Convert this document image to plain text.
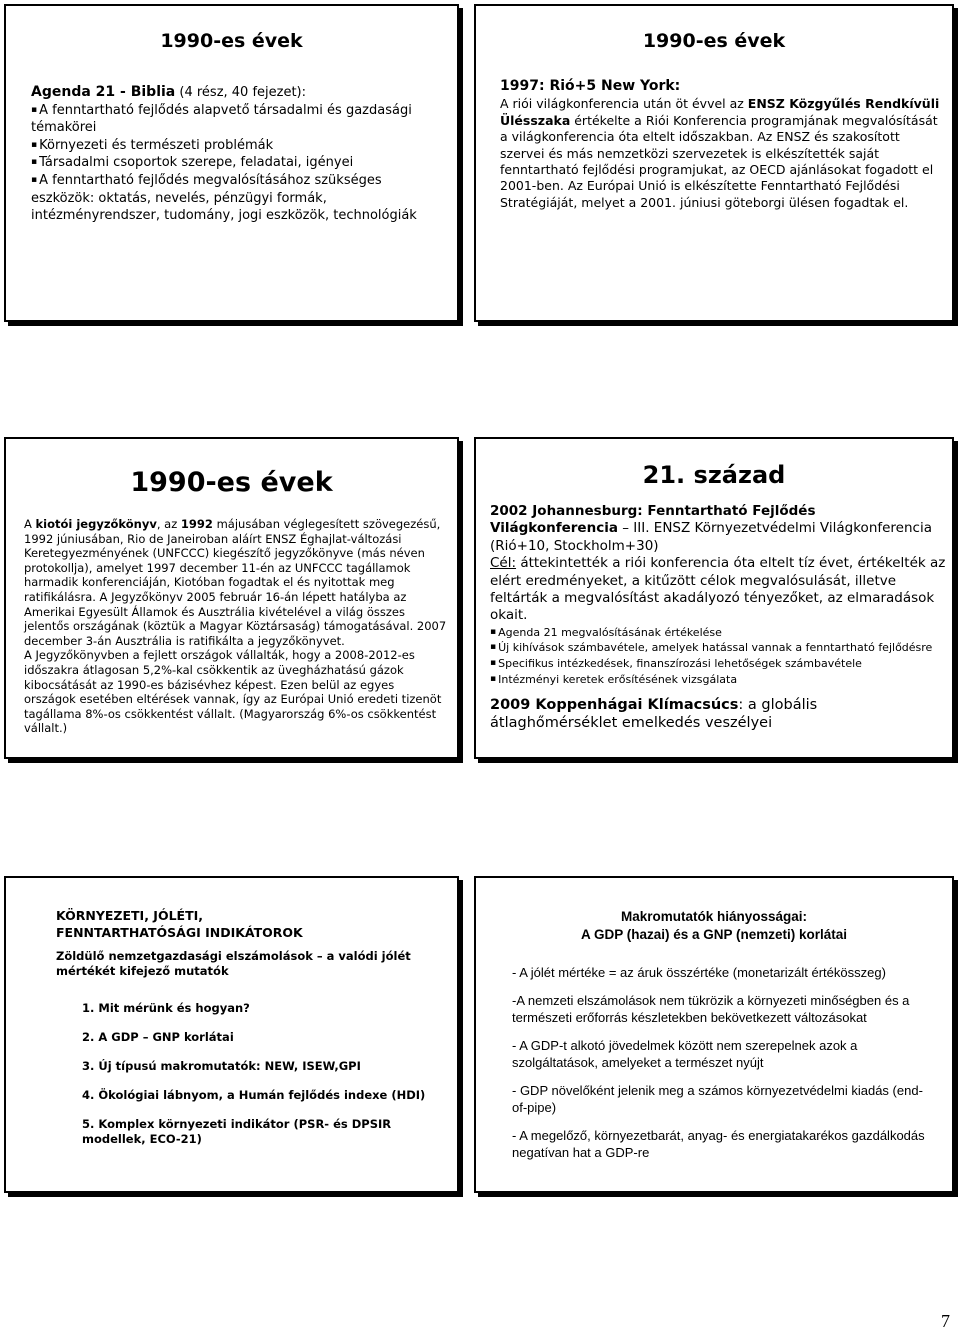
1990-es évek
Agenda 21 - Biblia (4 rész, 40 fejezet):
▪ A fenntartható fejlődés alapvető társadalmi és gazdasági témakörei
▪ Környezeti és természeti problémák
▪ Társadalmi csoportok szerepe, feladatai, igényei
▪ A fenntartható fejlődés megvalósításához szükséges eszközök: oktatás, nevelés, pénzügyi formák, intézményrendszer, tudomány, jogi eszközök, technológiák
1990-es évek
1997: Rió+5 New York:
A riói világkonferencia után öt évvel az ENSZ Közgyűlés Rendkívüli Ülésszaka értékelte a Riói Konferencia programjának megvalósítását a világkonferencia óta eltelt időszakban. Az ENSZ és szakosított szervei és más nemzetközi szervezetek is elkészítették saját fenntartható fejlődési programjukat, az OECD ajánlásokat fogadott el 2001-ben. Az Európai Unió is elkészítette Fenntartható Fejlődési Stratégiáját, melyet a 2001. júniusi göteborgi ülésen fogadtak el.
1990-es évek
A kiotói jegyzőkönyv, az 1992 májusában véglegesített szövegezésű, 1992 júniusában, Rio de Janeiroban aláírt ENSZ Éghajlat-változási Keretegyezményének (UNFCCC) kiegészítő jegyzőkönyve (más néven protokollja), amelyet 1997 december 11-én az UNFCCC tagállamok harmadik konferenciáján, Kiotóban fogadtak el és nyitottak meg ratifikálásra. A Jegyzőkönyv 2005 február 16-án lépett hatályba az Amerikai Egyesült Államok és Ausztrália kivételével a világ összes jelentős országának (köztük a Magyar Köztársaság) támogatásával. 2007 december 3-án Ausztrália is ratifikálta a jegyzőkönyvet.
A Jegyzőkönyvben a fejlett országok vállalták, hogy a 2008-2012-es időszakra átlagosan 5,2%-kal csökkentik az üvegházhatású gázok kibocsátását az 1990-es bázisévhez képest. Ezen belül az egyes országok esetében eltérések vannak, így az Európai Unió eredeti tizenöt tagállama 8%-os csökkentést vállalt. (Magyarország 6%-os csökkentést vállalt.)
21. század
2002 Johannesburg: Fenntartható Fejlődés Világkonferencia – III. ENSZ Környezetvédelmi Világkonferencia (Rió+10, Stockholm+30)
Cél: áttekintették a riói konferencia óta eltelt tíz évet, értékelték az elért eredményeket, a kitűzött célok megvalósulását, illetve feltárták a megvalósítást akadályozó tényezőket, az elmaradások okait.
▪ Agenda 21 megvalósításának értékelése
▪ Új kihívások számbavétele, amelyek hatással vannak a fenntartható fejlődésre
▪ Specifikus intézkedések, finanszírozási lehetőségek számbavétele
▪ Intézményi keretek erősítésének vizsgálata
2009 Koppenhágai Klímacsúcs: a globális átlaghőmérséklet emelkedés veszélyei
KÖRNYEZETI, JÓLÉTI,
FENNTARTHATÓSÁGI INDIKÁTOROK
Zöldülő nemzetgazdasági elszámolások – a valódi jólét mértékét kifejező mutatók
1. Mit mérünk és hogyan?
2. A GDP – GNP korlátai
3. Új típusú makromutatók: NEW, ISEW,GPI
4. Ökológiai lábnyom, a Humán fejlődés indexe (HDI)
5. Komplex környezeti indikátor (PSR- és DPSIR modellek, ECO-21)
Makromutatók hiányosságai:
A GDP (hazai) és a GNP (nemzeti) korlátai

- A jólét mértéke = az áruk összértéke (monetarizált értékösszeg)

-A nemzeti elszámolások nem tükrözik a környezeti minőségben és a természeti erőforrás készletekben bekövetkezett változásokat

- A GDP-t alkotó jövedelmek között nem szerepelnek azok a szolgáltatások, amelyeket a természet nyújt

- GDP növelőként jelenik meg a számos környezetvédelmi kiadás (end-of-pipe)

- A megelőző, környezetbarát, anyag- és energiatakarékos gazdálkodás negatívan hat a GDP-re

7
